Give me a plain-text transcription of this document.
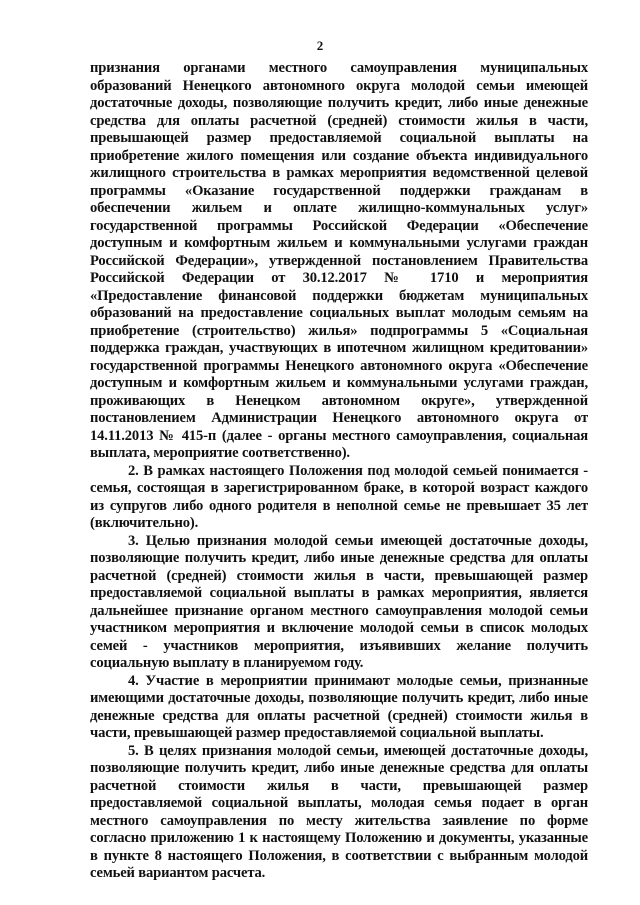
2

признания органами местного самоуправления муниципальных образований Ненецкого автономного округа молодой семьи имеющей достаточные доходы, позволяющие получить кредит, либо иные денежные средства для оплаты расчетной (средней) стоимости жилья в части, превышающей размер предоставляемой социальной выплаты на приобретение жилого помещения или создание объекта индивидуального жилищного строительства в рамках мероприятия ведомственной целевой программы «Оказание государственной поддержки гражданам в обеспечении жильем и оплате жилищно-коммунальных услуг» государственной программы Российской Федерации «Обеспечение доступным и комфортным жильем и коммунальными услугами граждан Российской Федерации», утвержденной постановлением Правительства Российской Федерации от 30.12.2017 № 1710 и мероприятия «Предоставление финансовой поддержки бюджетам муниципальных образований на предоставление социальных выплат молодым семьям на приобретение (строительство) жилья» подпрограммы 5 «Социальная поддержка граждан, участвующих в ипотечном жилищном кредитовании» государственной программы Ненецкого автономного округа «Обеспечение доступным и комфортным жильем и коммунальными услугами граждан, проживающих в Ненецком автономном округе», утвержденной постановлением Администрации Ненецкого автономного округа от 14.11.2013 № 415-п (далее - органы местного самоуправления, социальная выплата, мероприятие соответственно).

2. В рамках настоящего Положения под молодой семьей понимается - семья, состоящая в зарегистрированном браке, в которой возраст каждого из супругов либо одного родителя в неполной семье не превышает 35 лет (включительно).

3. Целью признания молодой семьи имеющей достаточные доходы, позволяющие получить кредит, либо иные денежные средства для оплаты расчетной (средней) стоимости жилья в части, превышающей размер предоставляемой социальной выплаты в рамках мероприятия, является дальнейшее признание органом местного самоуправления молодой семьи участником мероприятия и включение молодой семьи в список молодых семей - участников мероприятия, изъявивших желание получить социальную выплату в планируемом году.

4. Участие в мероприятии принимают молодые семьи, признанные имеющими достаточные доходы, позволяющие получить кредит, либо иные денежные средства для оплаты расчетной (средней) стоимости жилья в части, превышающей размер предоставляемой социальной выплаты.

5. В целях признания молодой семьи, имеющей достаточные доходы, позволяющие получить кредит, либо иные денежные средства для оплаты расчетной стоимости жилья в части, превышающей размер предоставляемой социальной выплаты, молодая семья подает в орган местного самоуправления по месту жительства заявление по форме согласно приложению 1 к настоящему Положению и документы, указанные в пункте 8 настоящего Положения, в соответствии с выбранным молодой семьей вариантом расчета.
